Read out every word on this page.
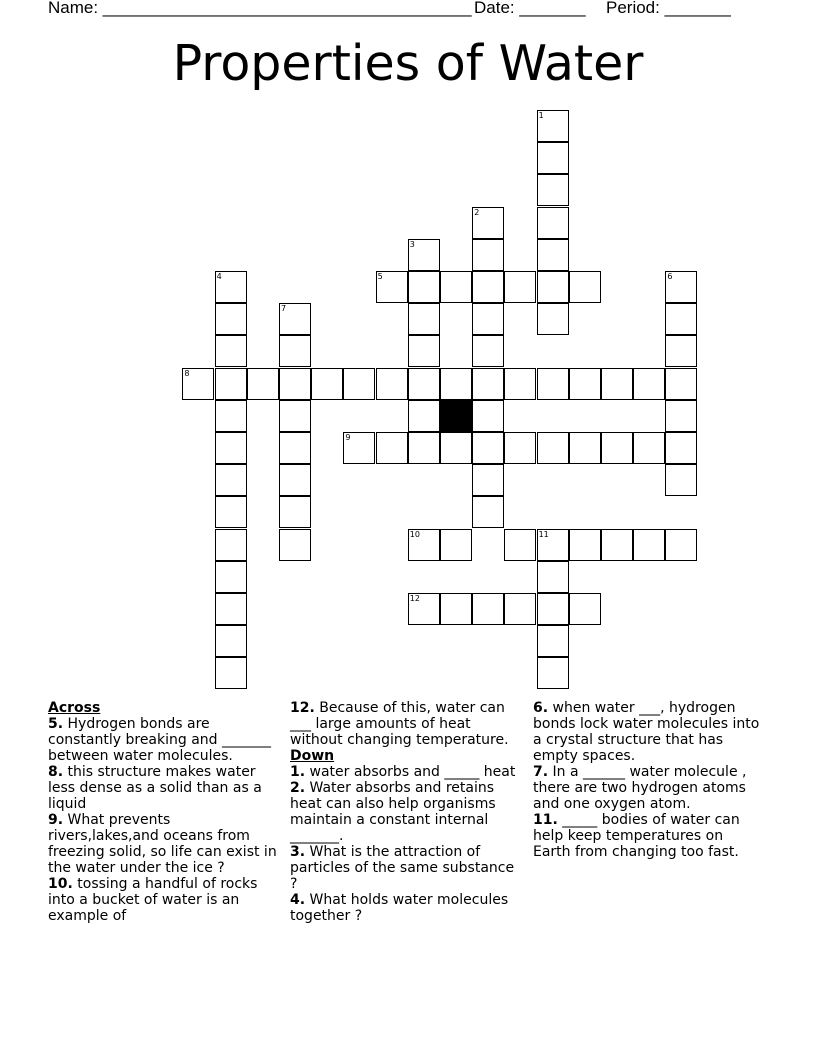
Name: _______________________________________ Date: _______ Period: _______
Properties of Water
1
2
3
5
4	6
7
8
9
10	11
12

Across

5. Hydrogen bonds are constantly breaking and _______ between water molecules.

8. this structure makes water less dense as a solid than as a liquid

9. What prevents rivers,lakes,and oceans from freezing solid, so life can exist in the water under the ice ?

10. tossing a handful of rocks into a bucket of water is an example of

12. Because of this, water can ___ large amounts of heat without changing temperature.

Down

1. water absorbs and _____ heat

2. Water absorbs and retains heat can also help organisms maintain a constant internal _______.

3. What is the attraction of particles of the same substance ?

4. What holds water molecules together ?

6. when water ___, hydrogen bonds lock water molecules into a crystal structure that has empty spaces.

7. In a ______ water molecule , there are two hydrogen atoms and one oxygen atom.

11. _____ bodies of water can help keep temperatures on Earth from changing too fast.
